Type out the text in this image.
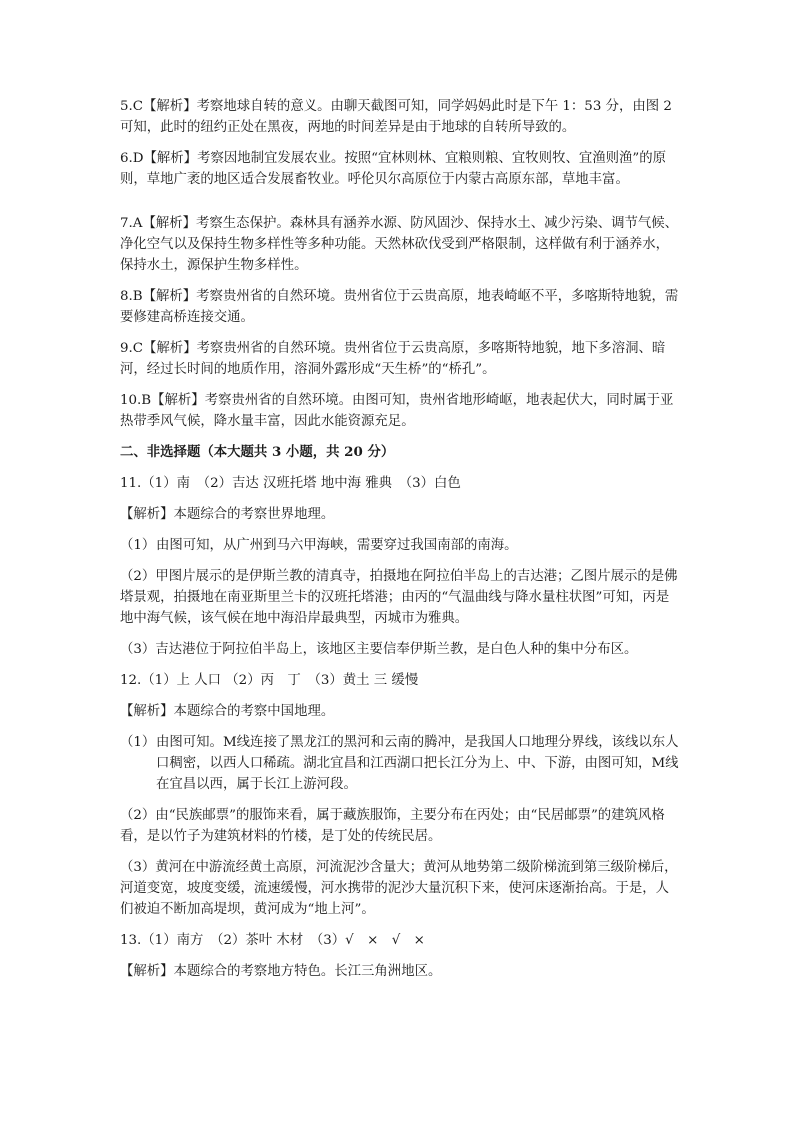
5.C【解析】考察地球自转的意义。由聊天截图可知，同学妈妈此时是下午 1：53 分，由图 2 可知，此时的纽约正处在黑夜，两地的时间差异是由于地球的自转所导致的。

6.D【解析】考察因地制宜发展农业。按照“宜林则林、宜粮则粮、宜牧则牧、宜渔则渔”的原则，草地广袤的地区适合发展畜牧业。呼伦贝尔高原位于内蒙古高原东部，草地丰富。

7.A【解析】考察生态保护。森林具有涵养水源、防风固沙、保持水土、减少污染、调节气候、净化空气以及保持生物多样性等多种功能。天然林砍伐受到严格限制，这样做有利于涵养水，保持水土，源保护生物多样性。

8.B【解析】考察贵州省的自然环境。贵州省位于云贵高原，地表崎岖不平，多喀斯特地貌，需要修建高桥连接交通。

9.C【解析】考察贵州省的自然环境。贵州省位于云贵高原，多喀斯特地貌，地下多溶洞、暗河，经过长时间的地质作用，溶洞外露形成“天生桥”的“桥孔”。

10.B【解析】考察贵州省的自然环境。由图可知，贵州省地形崎岖，地表起伏大，同时属于亚热带季风气候，降水量丰富，因此水能资源充足。

二、非选择题（本大题共 3 小题，共 20 分）

11.（1）南　（2）吉达 汉班托塔 地中海 雅典　（3）白色

【解析】本题综合的考察世界地理。

（1） 由图可知，从广州到马六甲海峡，需要穿过我国南部的南海。

（2）甲图片展示的是伊斯兰教的清真寺，拍摄地在阿拉伯半岛上的吉达港；乙图片展示的是佛塔景观，拍摄地在南亚斯里兰卡的汉班托塔港；由丙的“气温曲线与降水量柱状图”可知，丙是地中海气候，该气候在地中海沿岸最典型，丙城市为雅典。

（3）吉达港位于阿拉伯半岛上，该地区主要信奉伊斯兰教，是白色人种的集中分布区。

12.（1）上 人口 （2）丙　丁　（3）黄土 三 缓慢

【解析】本题综合的考察中国地理。

（1） 由图可知。M线连接了黑龙江的黑河和云南的腾冲，是我国人口地理分界线，该线以东人口稠密，以西人口稀疏。湖北宜昌和江西湖口把长江分为上、中、下游，由图可知，M线在宜昌以西，属于长江上游河段。

（2）由“民族邮票”的服饰来看，属于藏族服饰，主要分布在丙处；由“民居邮票”的建筑风格看，是以竹子为建筑材料的竹楼，是丁处的传统民居。

（3）黄河在中游流经黄土高原，河流泥沙含量大；黄河从地势第二级阶梯流到第三级阶梯后，河道变宽，坡度变缓，流速缓慢，河水携带的泥沙大量沉积下来，使河床逐渐抬高。于是，人们被迫不断加高堤坝，黄河成为“地上河”。

13.（1）南方　（2）茶叶 木材　（3）√　×　√　×

【解析】本题综合的考察地方特色。长江三角洲地区。
